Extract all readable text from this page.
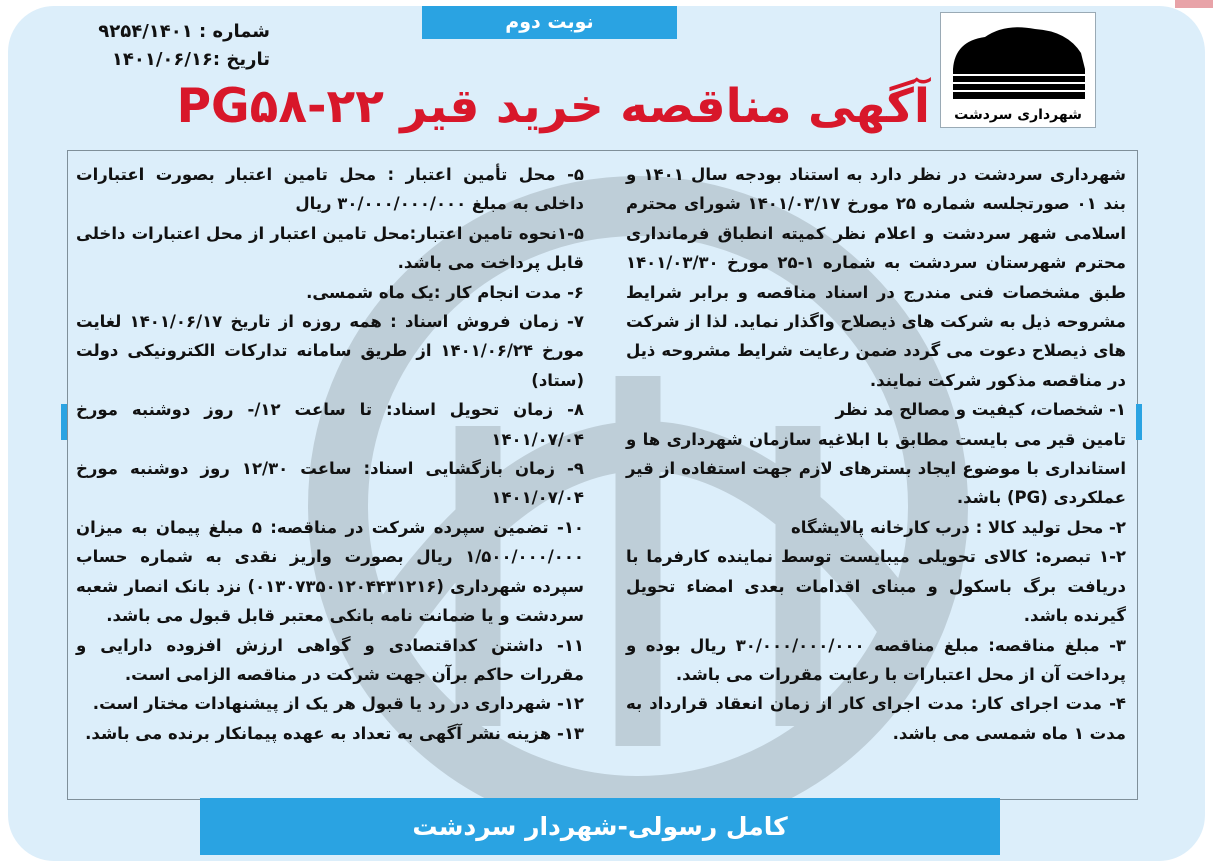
نوبت دوم
شهرداری سردشت
شماره : ۹۲۵۴/۱۴۰۱
تاریخ :۱۴۰۱/۰۶/۱۶
آگهی مناقصه خرید قیر PG۵۸-۲۲

شهرداری سردشت در نظر دارد به استناد بودجه سال ۱۴۰۱ و بند ۰۱ صورتجلسه شماره ۲۵ مورخ ۱۴۰۱/۰۳/۱۷ شورای محترم اسلامی شهر سردشت و اعلام نظر کمیته انطباق فرمانداری محترم شهرستان سردشت به شماره ۱-۲۵ مورخ ۱۴۰۱/۰۳/۳۰ طبق مشخصات فنی مندرج در اسناد مناقصه و برابر شرایط مشروحه ذیل به شرکت های ذیصلاح واگذار نماید. لذا از شرکت های ذیصلاح دعوت می گردد ضمن رعایت شرایط مشروحه ذیل در مناقصه مذکور شرکت نمایند.

۱- شخصات، کیفیت و مصالح مد نظر

تامین قیر می بایست مطابق با ابلاغیه سازمان شهرداری ها و استانداری با موضوع ایجاد بسترهای لازم جهت استفاده از قیر عملکردی (PG) باشد.

۲- محل تولید کالا : درب کارخانه پالایشگاه

۱-۲ تبصره: کالای تحویلی میبایست توسط نماینده کارفرما با دریافت برگ باسکول و مبنای اقدامات بعدی امضاء تحویل گیرنده باشد.

۳- مبلغ مناقصه: مبلغ مناقصه ۳۰/۰۰۰/۰۰۰/۰۰۰ ریال بوده و پرداخت آن از محل اعتبارات با رعایت مقررات می باشد.

۴- مدت اجرای کار: مدت اجرای کار از زمان انعقاد قرارداد به مدت ۱ ماه شمسی می باشد.

۵- محل تأمین اعتبار : محل تامین اعتبار بصورت اعتبارات داخلی به مبلغ ۳۰/۰۰۰/۰۰۰/۰۰۰ ریال

۱-۵نحوه تامین اعتبار:محل تامین اعتبار از محل اعتبارات داخلی قابل پرداخت می باشد.

۶- مدت انجام کار :یک ماه شمسی.

۷- زمان فروش اسناد : همه روزه از تاریخ ۱۴۰۱/۰۶/۱۷ لغایت مورخ ۱۴۰۱/۰۶/۲۴ از طریق سامانه تدارکات الکترونیکی دولت (ستاد)

۸- زمان تحویل اسناد: تا ساعت ۱۲/- روز دوشنبه مورخ ۱۴۰۱/۰۷/۰۴

۹- زمان بازگشایی اسناد: ساعت ۱۲/۳۰ روز دوشنبه مورخ ۱۴۰۱/۰۷/۰۴

۱۰- تضمین سپرده شرکت در مناقصه: ۵ مبلغ پیمان به میزان ۱/۵۰۰/۰۰۰/۰۰۰ ریال بصورت واریز نقدی به شماره حساب سپرده شهرداری (۰۱۳۰۷۳۵۰۱۲۰۴۴۳۱۲۱۶) نزد بانک انصار شعبه سردشت و یا ضمانت نامه بانکی معتبر قابل قبول می باشد.

۱۱- داشتن کداقتصادی و گواهی ارزش افزوده دارایی و مقررات حاکم برآن جهت شرکت در مناقصه الزامی است.

۱۲- شهرداری در رد یا قبول هر یک از پیشنهادات مختار است.

۱۳- هزینه نشر آگهی به تعداد به عهده پیمانکار برنده می باشد.

کامل رسولی-شهردار سردشت
